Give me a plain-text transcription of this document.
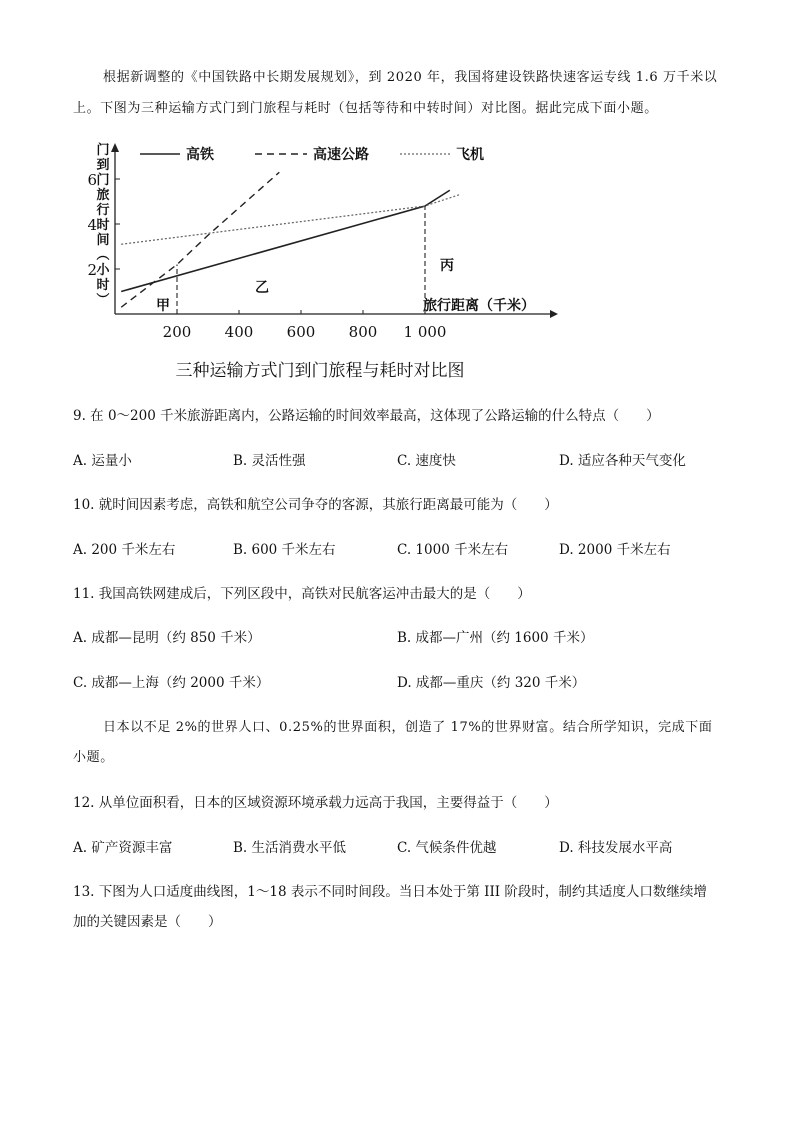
根据新调整的《中国铁路中长期发展规划》，到 2020 年，我国将建设铁路快速客运专线 1.6 万千米以
上。下图为三种运输方式门到门旅程与耗时（包括等待和中转时间）对比图。据此完成下面小题。
200 400 600 800 1 000
2
4
6
门
到
门
旅
行
时
间
（
小
时
）	旅行距离（千米）
高铁	高速公路	飞机
甲
乙
丙
三种运输方式门到门旅程与耗时对比图
9. 在 0～200 千米旅游距离内，公路运输的时间效率最高，这体现了公路运输的什么特点（　　）
A. 运量小	B. 灵活性强	C. 速度快	D. 适应各种天气变化
10. 就时间因素考虑，高铁和航空公司争夺的客源，其旅行距离最可能为（　　）
A. 200 千米左右	B. 600 千米左右	C. 1000 千米左右	D. 2000 千米左右
11. 我国高铁网建成后，下列区段中，高铁对民航客运冲击最大的是（　　）
A. 成都—昆明（约 850 千米）	B. 成都—广州（约 1600 千米）
C. 成都—上海（约 2000 千米）	D. 成都—重庆（约 320 千米）
日本以不足 2%的世界人口、0.25%的世界面积，创造了 17%的世界财富。结合所学知识，完成下面
小题。
12. 从单位面积看，日本的区域资源环境承载力远高于我国，主要得益于（　　）
A. 矿产资源丰富	B. 生活消费水平低	C. 气候条件优越	D. 科技发展水平高
13. 下图为人口适度曲线图，1～18 表示不同时间段。当日本处于第 III 阶段时，制约其适度人口数继续增
加的关键因素是（　　）
